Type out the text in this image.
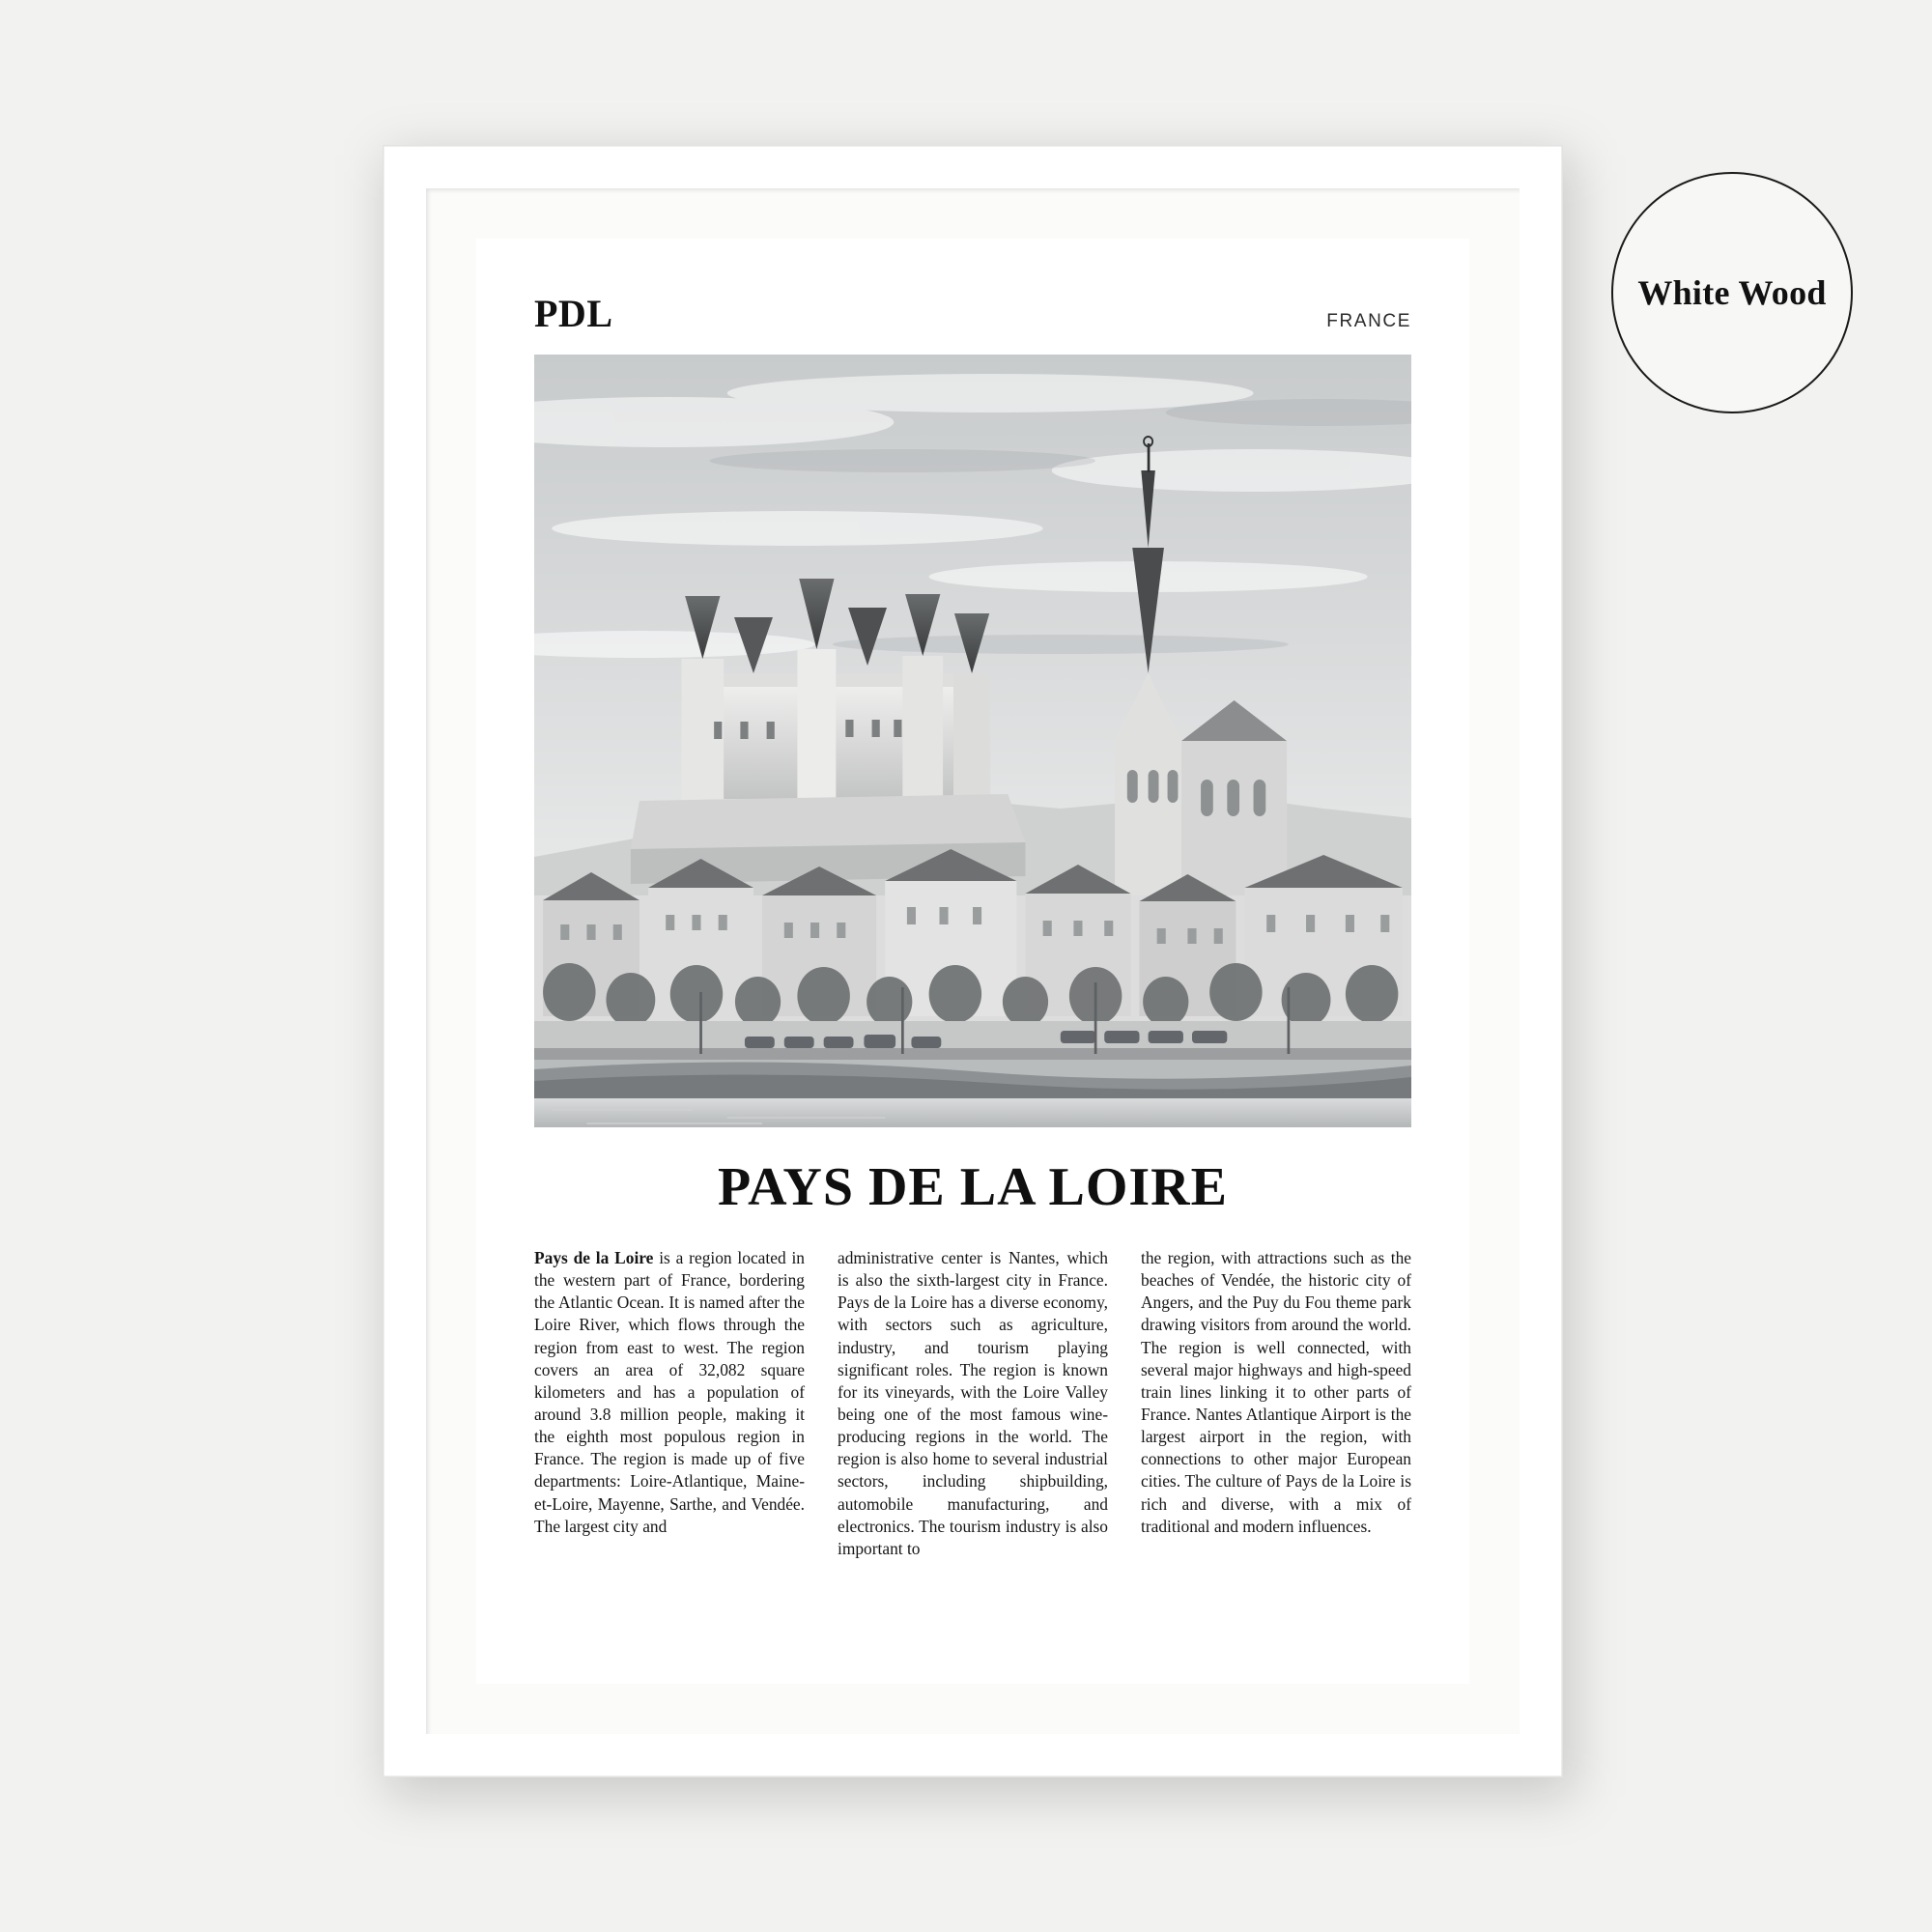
PDL	FRANCE
PAYS DE LA LOIRE
Pays de la Loire is a region located in the western part of France, bordering the Atlantic Ocean. It is named after the Loire River, which flows through the region from east to west. The region covers an area of 32,082 square kilometers and has a population of around 3.8 million people, making it the eighth most populous region in France. The region is made up of five departments: Loire-Atlantique, Maine-et-Loire, Mayenne, Sarthe, and Vendée. The largest city and
administrative center is Nantes, which is also the sixth-largest city in France. Pays de la Loire has a diverse economy, with sectors such as agriculture, industry, and tourism playing significant roles. The region is known for its vineyards, with the Loire Valley being one of the most famous wine-producing regions in the world. The region is also home to several industrial sectors, including shipbuilding, automobile manufacturing, and electronics. The tourism industry is also important to
the region, with attractions such as the beaches of Vendée, the historic city of Angers, and the Puy du Fou theme park drawing visitors from around the world. The region is well connected, with several major highways and high-speed train lines linking it to other parts of France. Nantes Atlantique Airport is the largest airport in the region, with connections to other major European cities. The culture of Pays de la Loire is rich and diverse, with a mix of traditional and modern influences.
White Wood
